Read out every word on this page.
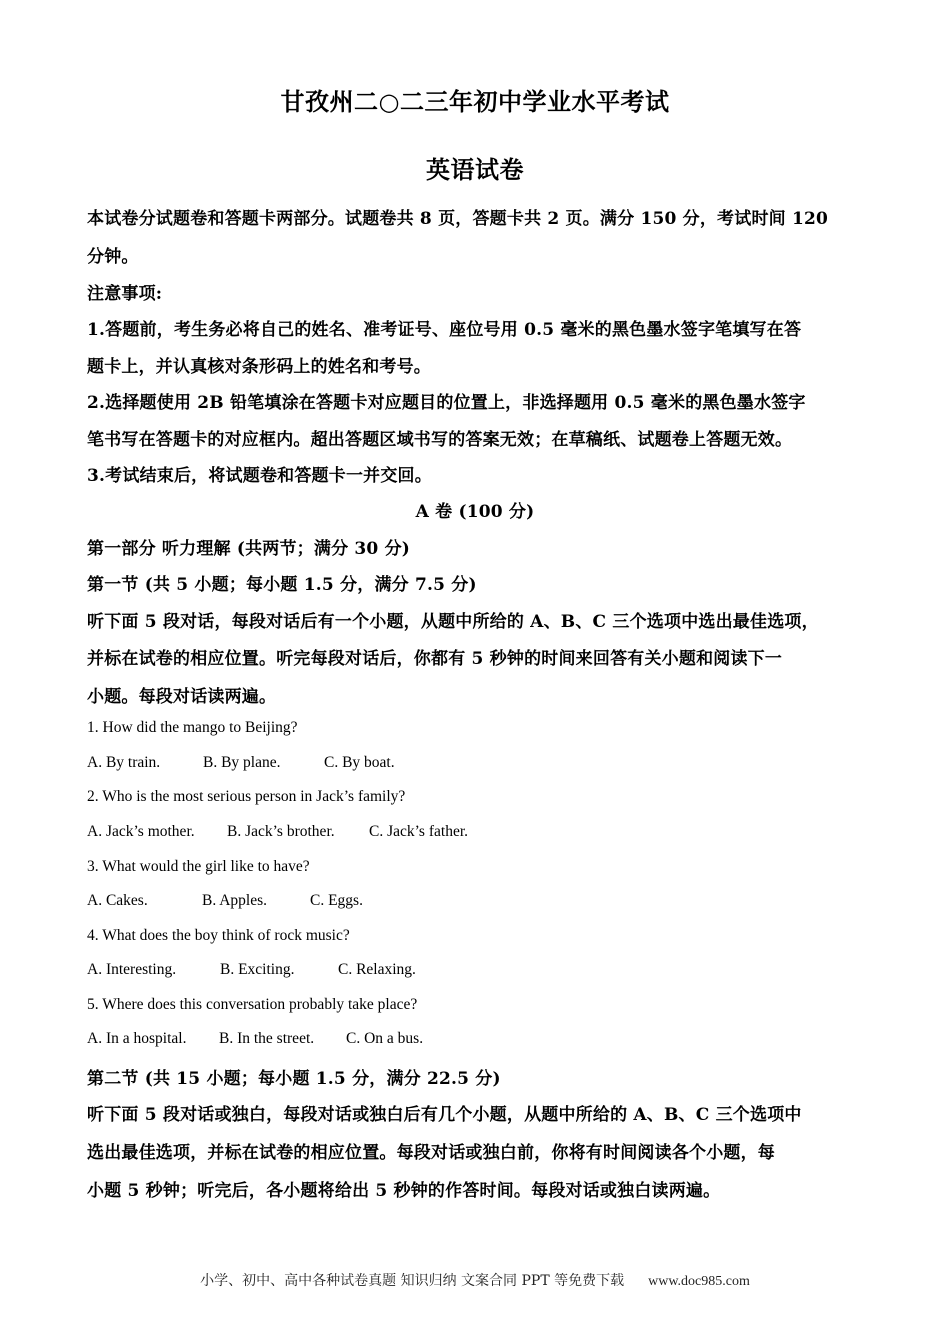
甘孜州二○二三年初中学业水平考试
英语试卷
本试卷分试题卷和答题卡两部分。试题卷共 8 页，答题卡共 2 页。满分 150 分，考试时间 120
分钟。
注意事项:
1.答题前，考生务必将自己的姓名、准考证号、座位号用 0.5 毫米的黑色墨水签字笔填写在答
题卡上，并认真核对条形码上的姓名和考号。
2.选择题使用 2B 铅笔填涂在答题卡对应题目的位置上，非选择题用 0.5 毫米的黑色墨水签字
笔书写在答题卡的对应框内。超出答题区域书写的答案无效；在草稿纸、试题卷上答题无效。
3.考试结束后，将试题卷和答题卡一并交回。
A 卷 (100 分)
第一部分 听力理解 (共两节；满分 30 分)
第一节 (共 5 小题；每小题 1.5 分，满分 7.5 分)
听下面 5 段对话，每段对话后有一个小题，从题中所给的 A、B、C 三个选项中选出最佳选项，
并标在试卷的相应位置。听完每段对话后，你都有 5 秒钟的时间来回答有关小题和阅读下一
小题。每段对话读两遍。
1. How did the mango to Beijing?
A. By train.	B. By plane.	C. By boat.
2. Who is the most serious person in Jack’s family?
A. Jack’s mother. B. Jack’s brother. C. Jack’s father.
3. What would the girl like to have?
A. Cakes.	B. Apples.	C. Eggs.
4. What does the boy think of rock music?
A. Interesting.	B. Exciting.	C. Relaxing.
5. Where does this conversation probably take place?
A. In a hospital. B. In the street. C. On a bus.
第二节 (共 15 小题；每小题 1.5 分，满分 22.5 分)
听下面 5 段对话或独白，每段对话或独白后有几个小题，从题中所给的 A、B、C 三个选项中
选出最佳选项，并标在试卷的相应位置。每段对话或独白前，你将有时间阅读各个小题，每
小题 5 秒钟；听完后，各小题将给出 5 秒钟的作答时间。每段对话或独白读两遍。
小学、初中、高中各种试卷真题 知识归纳 文案合同 PPT 等免费下载 www.doc985.com
